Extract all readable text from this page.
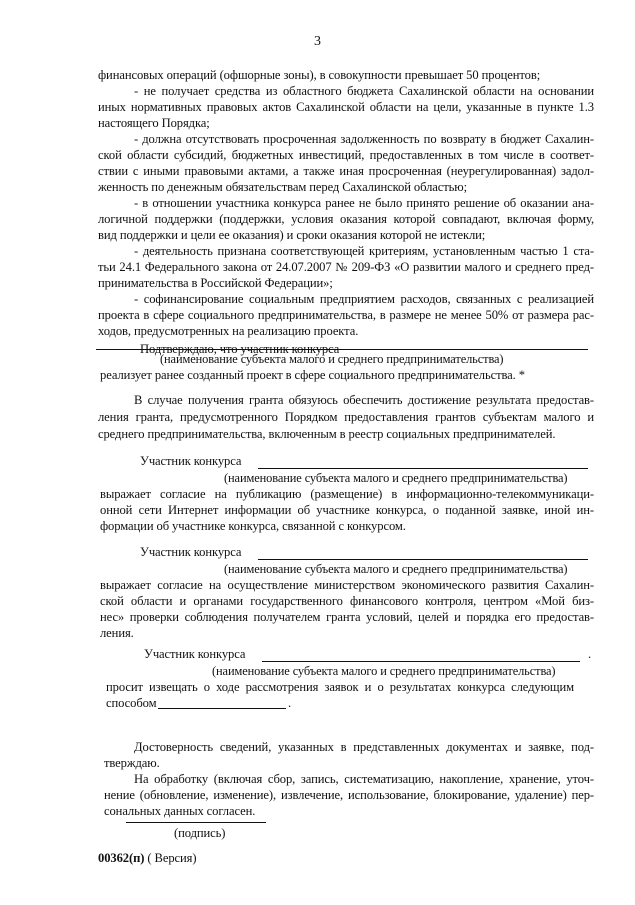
3
финансовых операций (офшорные зоны), в совокупности превышает 50 процентов;
- не получает средства из областного бюджета Сахалинской области на основании
иных нормативных правовых актов Сахалинской области на цели, указанные в пункте 1.3
настоящего Порядка;
- должна отсутствовать просроченная задолженность по возврату в бюджет Сахалин-
ской области субсидий, бюджетных инвестиций, предоставленных в том числе в соответ-
ствии с иными правовыми актами, а также иная просроченная (неурегулированная) задол-
женность по денежным обязательствам перед Сахалинской областью;
- в отношении участника конкурса ранее не было принято решение об оказании ана-
логичной поддержки (поддержки, условия оказания которой совпадают, включая форму,
вид поддержки и цели ее оказания) и сроки оказания которой не истекли;
- деятельность признана соответствующей критериям, установленным частью 1 ста-
тьи 24.1 Федерального закона от 24.07.2007 № 209-ФЗ «О развитии малого и среднего пред-
принимательства в Российской Федерации»;
- софинансирование социальным предприятием расходов, связанных с реализацией
проекта в сфере социального предпринимательства, в размере не менее 50% от размера рас-
ходов, предусмотренных на реализацию проекта.
Подтверждаю, что участник конкурса
(наименование субъекта малого и среднего предпринимательства)
реализует ранее созданный проект в сфере социального предпринимательства. *
В случае получения гранта обязуюсь обеспечить достижение результата предостав-
ления гранта, предусмотренного Порядком предоставления грантов субъектам малого и
среднего предпринимательства, включенным в реестр социальных предпринимателей.
Участник конкурса
(наименование субъекта малого и среднего предпринимательства)
выражает согласие на публикацию (размещение) в информационно-телекоммуникаци-
онной сети Интернет информации об участнике конкурса, о поданной заявке, иной ин-
формации об участнике конкурса, связанной с конкурсом.
Участник конкурса
(наименование субъекта малого и среднего предпринимательства)
выражает согласие на осуществление министерством экономического развития Сахалин-
ской области и органами государственного финансового контроля, центром «Мой биз-
нес» проверки соблюдения получателем гранта условий, целей и порядка его предостав-
ления.
Участник конкурса	.
(наименование субъекта малого и среднего предпринимательства)
просит извещать о ходе рассмотрения заявок и о результатах конкурса следующим
способом	.
Достоверность сведений, указанных в представленных документах и заявке, под-
тверждаю.
На обработку (включая сбор, запись, систематизацию, накопление, хранение, уточ-
нение (обновление, изменение), извлечение, использование, блокирование, удаление) пер-
сональных данных согласен.
(подпись)
00362(п) ( Версия)
